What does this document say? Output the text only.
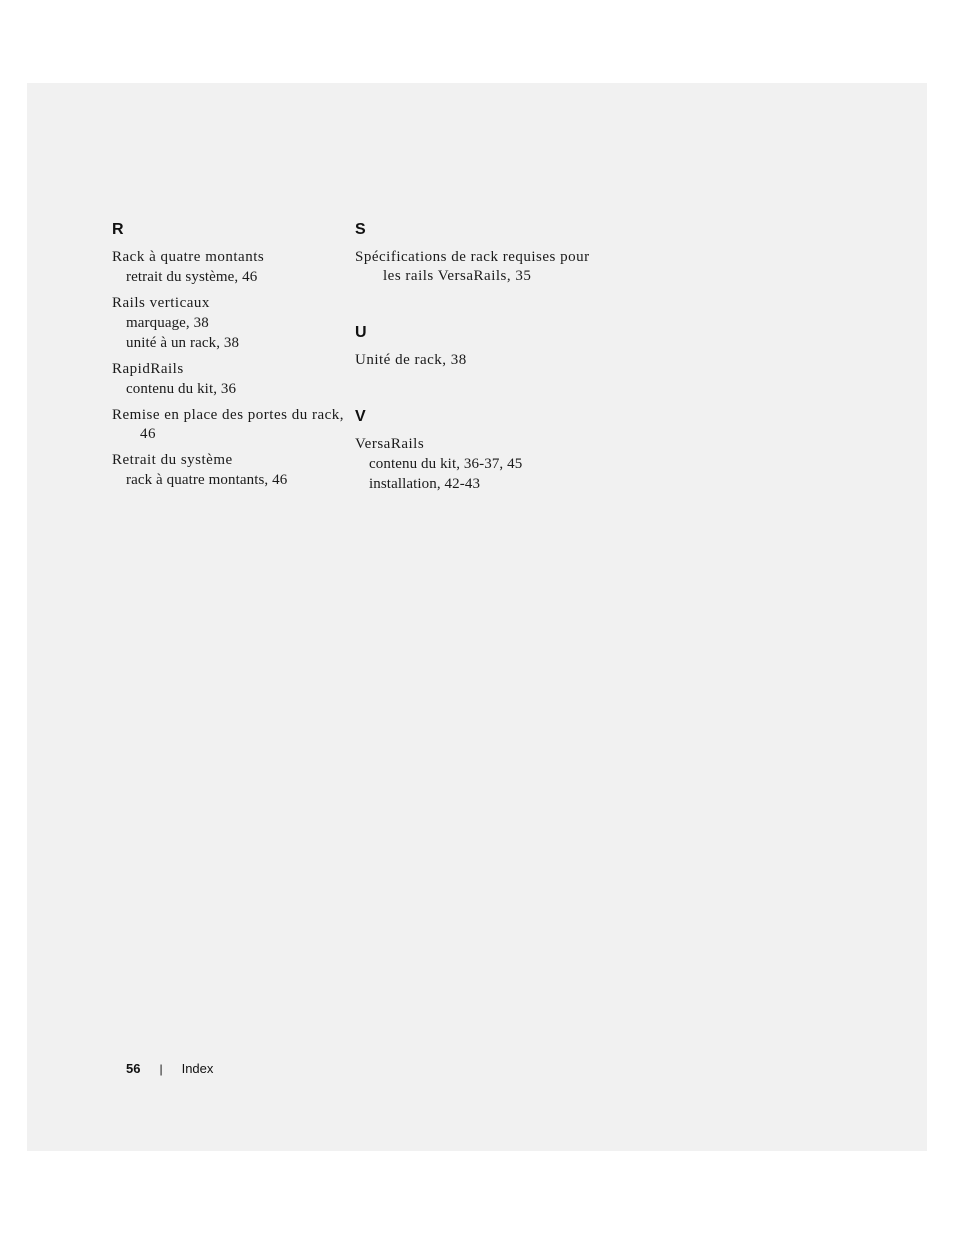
R
Rack à quatre montants
retrait du système, 46
Rails verticaux
marquage, 38
unité à un rack, 38
RapidRails
contenu du kit, 36
Remise en place des portes du rack, 46
Retrait du système
rack à quatre montants, 46
S
Spécifications de rack requises pour les rails VersaRails, 35
U
Unité de rack, 38
V
VersaRails
contenu du kit, 36-37, 45
installation, 42-43
56 | Index
